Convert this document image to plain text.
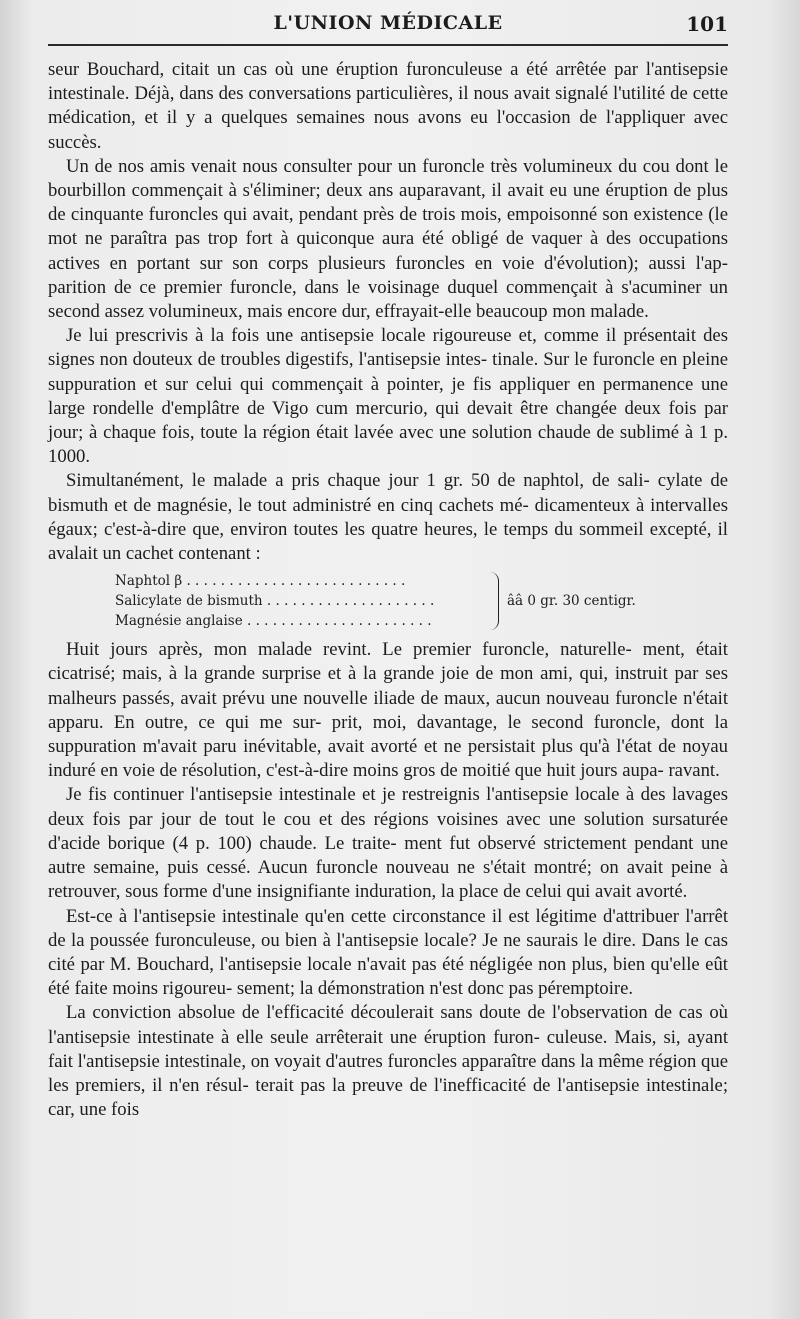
L'UNION MÉDICALE	101

seur Bouchard, citait un cas où une éruption furonculeuse a été arrêtée par l'antisepsie intestinale. Déjà, dans des conversations particulières, il nous avait signalé l'utilité de cette médication, et il y a quelques semaines nous avons eu l'occasion de l'appliquer avec succès.

Un de nos amis venait nous consulter pour un furoncle très volumineux du cou dont le bourbillon commençait à s'éliminer; deux ans auparavant, il avait eu une éruption de plus de cinquante furoncles qui avait, pendant près de trois mois, empoisonné son existence (le mot ne paraîtra pas trop fort à quiconque aura été obligé de vaquer à des occupations actives en portant sur son corps plusieurs furoncles en voie d'évolution); aussi l'ap- parition de ce premier furoncle, dans le voisinage duquel commençait à s'acuminer un second assez volumineux, mais encore dur, effrayait-elle beaucoup mon malade.

Je lui prescrivis à la fois une antisepsie locale rigoureuse et, comme il présentait des signes non douteux de troubles digestifs, l'antisepsie intes- tinale. Sur le furoncle en pleine suppuration et sur celui qui commençait à pointer, je fis appliquer en permanence une large rondelle d'emplâtre de Vigo cum mercurio, qui devait être changée deux fois par jour; à chaque fois, toute la région était lavée avec une solution chaude de sublimé à 1 p. 1000.

Simultanément, le malade a pris chaque jour 1 gr. 50 de naphtol, de sali- cylate de bismuth et de magnésie, le tout administré en cinq cachets mé- dicamenteux à intervalles égaux; c'est-à-dire que, environ toutes les quatre heures, le temps du sommeil excepté, il avalait un cachet contenant :

Naphtol β . . . . . . . . . . . . . . . . . . . . . . . . . .
Salicylate de bismuth . . . . . . . . . . . . . . . . . . . .
Magnésie anglaise . . . . . . . . . . . . . . . . . . . . . .
ââ 0 gr. 30 centigr.

Huit jours après, mon malade revint. Le premier furoncle, naturelle- ment, était cicatrisé; mais, à la grande surprise et à la grande joie de mon ami, qui, instruit par ses malheurs passés, avait prévu une nouvelle iliade de maux, aucun nouveau furoncle n'était apparu. En outre, ce qui me sur- prit, moi, davantage, le second furoncle, dont la suppuration m'avait paru inévitable, avait avorté et ne persistait plus qu'à l'état de noyau induré en voie de résolution, c'est-à-dire moins gros de moitié que huit jours aupa- ravant.

Je fis continuer l'antisepsie intestinale et je restreignis l'antisepsie locale à des lavages deux fois par jour de tout le cou et des régions voisines avec une solution sursaturée d'acide borique (4 p. 100) chaude. Le traite- ment fut observé strictement pendant une autre semaine, puis cessé. Aucun furoncle nouveau ne s'était montré; on avait peine à retrouver, sous forme d'une insignifiante induration, la place de celui qui avait avorté.

Est-ce à l'antisepsie intestinale qu'en cette circonstance il est légitime d'attribuer l'arrêt de la poussée furonculeuse, ou bien à l'antisepsie locale? Je ne saurais le dire. Dans le cas cité par M. Bouchard, l'antisepsie locale n'avait pas été négligée non plus, bien qu'elle eût été faite moins rigoureu- sement; la démonstration n'est donc pas péremptoire.

La conviction absolue de l'efficacité découlerait sans doute de l'observation de cas où l'antisepsie intestinate à elle seule arrêterait une éruption furon- culeuse. Mais, si, ayant fait l'antisepsie intestinale, on voyait d'autres furoncles apparaître dans la même région que les premiers, il n'en résul- terait pas la preuve de l'inefficacité de l'antisepsie intestinale; car, une fois
